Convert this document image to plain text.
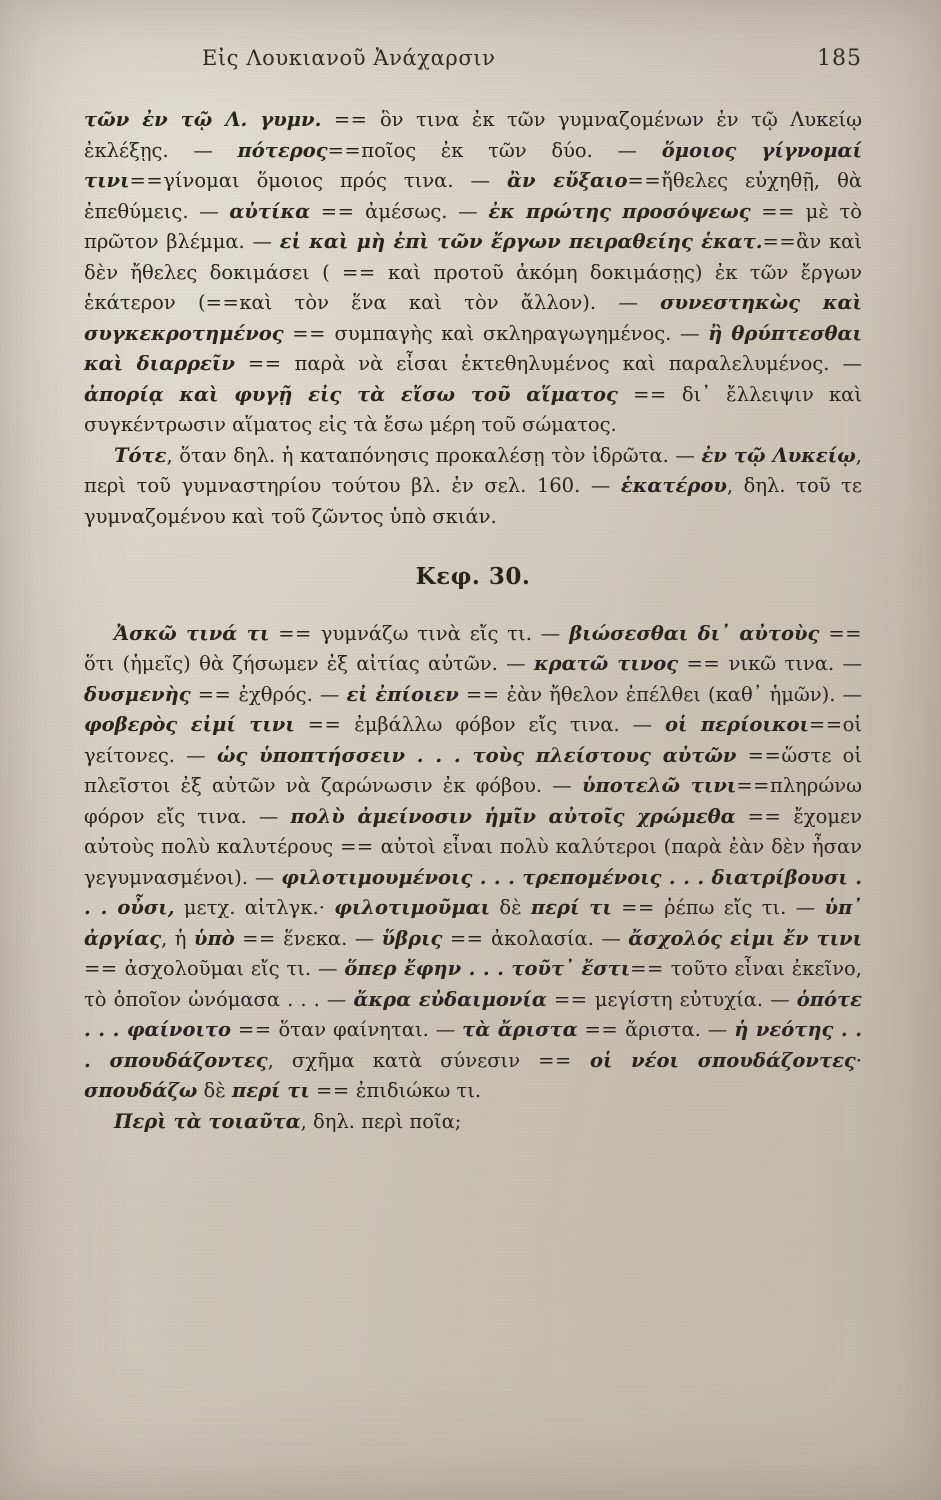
Εἰς Λουκιανοῦ Ἀνάχαρσιν	185

τῶν ἐν τῷ Λ. γυμν. == ὃν τινα ἐκ τῶν γυμναζομένων ἐν τῷ Λυκείῳ ἐκλέξῃς. — πότερος==ποῖος ἐκ τῶν δύο. — ὅμοιος γίγνομαί τινι==γίνομαι ὅμοιος πρός τινα. — ἂν εὔξαιο==ἤθελες εὐχηθῇ, θὰ ἐπεθύμεις. — αὐτίκα == ἀμέσως. — ἐκ πρώτης προσόψεως == μὲ τὸ πρῶτον βλέμμα. — εἰ καὶ μὴ ἐπὶ τῶν ἔργων πειραθείης ἑκατ.==ἂν καὶ δὲν ἤθελες δοκιμάσει ( == καὶ προτοῦ ἀκόμη δοκιμάσῃς) ἐκ τῶν ἔργων ἑκάτερον (==καὶ τὸν ἕνα καὶ τὸν ἄλλον). — συνεστηκὼς καὶ συγκεκροτημένος == συμπαγὴς καὶ σκληραγωγημένος. — ἢ θρύπτεσθαι καὶ διαρρεῖν == παρὰ νὰ εἶσαι ἐκτεθηλυμένος καὶ παραλελυμένος. — ἀπορίᾳ καὶ φυγῇ εἰς τὰ εἴσω τοῦ αἵματος == δι᾿ ἔλλειψιν καὶ συγκέντρωσιν αἵματος εἰς τὰ ἔσω μέρη τοῦ σώματος.

Τότε, ὅταν δηλ. ἡ καταπόνησις προκαλέσῃ τὸν ἱδρῶτα. — ἐν τῷ Λυκείῳ, περὶ τοῦ γυμναστηρίου τούτου βλ. ἐν σελ. 160. — ἑκατέρου, δηλ. τοῦ τε γυμναζομένου καὶ τοῦ ζῶντος ὑπὸ σκιάν.

Κεφ. 30.

Ἀσκῶ τινά τι == γυμνάζω τινὰ εἴς τι. — βιώσεσθαι δι᾿ αὐτοὺς == ὅτι (ἡμεῖς) θὰ ζήσωμεν ἐξ αἰτίας αὐτῶν. — κρατῶ τινος == νικῶ τινα. — δυσμενὴς == ἐχθρός. — εἰ ἐπίοιεν == ἐὰν ἤθελον ἐπέλθει (καθ᾿ ἡμῶν). — φοβερὸς εἰμί τινι == ἐμβάλλω φόβον εἴς τινα. — οἱ περίοικοι==οἱ γείτονες. — ὡς ὑποπτήσσειν . . . τοὺς πλείστους αὐτῶν ==ὥστε οἱ πλεῖστοι ἐξ αὐτῶν νὰ ζαρώνωσιν ἐκ φόβου. — ὑποτελῶ τινι==πληρώνω φόρον εἴς τινα. — πολὺ ἀμείνοσιν ἡμῖν αὐτοῖς χρώμεθα == ἔχομεν αὐτοὺς πολὺ καλυτέρους == αὐτοὶ εἶναι πολὺ καλύτεροι (παρὰ ἐὰν δὲν ἦσαν γεγυμνασμένοι). — φιλοτιμουμένοις . . . τρεπομένοις . . . διατρίβουσι . . . οὖσι, μετχ. αἰτλγκ.· φιλοτιμοῦμαι δὲ περί τι == ῥέπω εἴς τι. — ὑπ᾿ ἀργίας, ἡ ὑπὸ == ἕνεκα. — ὕβρις == ἀκολασία. — ἄσχολός εἰμι ἔν τινι == ἀσχολοῦμαι εἴς τι. — ὅπερ ἔφην . . . τοῦτ᾿ ἔστι== τοῦτο εἶναι ἐκεῖνο, τὸ ὁποῖον ὠνόμασα . . . — ἄκρα εὐδαιμονία == μεγίστη εὐτυχία. — ὁπότε . . . φαίνοιτο == ὅταν φαίνηται. — τὰ ἄριστα == ἄριστα. — ἡ νεότης . . . σπουδάζοντες, σχῆμα κατὰ σύνεσιν == οἱ νέοι σπουδάζοντες· σπουδάζω δὲ περί τι == ἐπιδιώκω τι.

Περὶ τὰ τοιαῦτα, δηλ. περὶ ποῖα;
